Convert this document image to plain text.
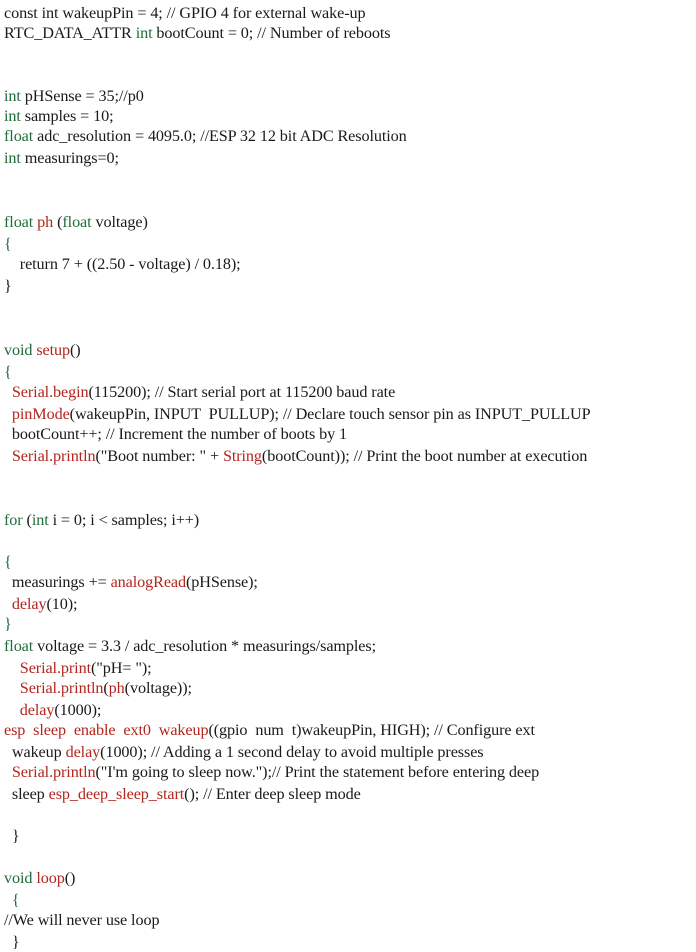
const int wakeupPin = 4; // GPIO 4 for external wake-up
RTC_DATA_ATTR int bootCount = 0; // Number of reboots
int pHSense = 35;//p0
int samples = 10;
float adc_resolution = 4095.0; //ESP 32 12 bit ADC Resolution
int measurings=0;
float ph (float voltage)
{
return 7 + ((2.50 - voltage) / 0.18);
}
void setup()
{
Serial.begin(115200); // Start serial port at 115200 baud rate
pinMode(wakeupPin, INPUT  PULLUP); // Declare touch sensor pin as INPUT_PULLUP
bootCount++; // Increment the number of boots by 1
Serial.println("Boot number: " + String(bootCount)); // Print the boot number at execution
for (int i = 0; i < samples; i++)
{
measurings += analogRead(pHSense);
delay(10);
}
float voltage = 3.3 / adc_resolution * measurings/samples;
Serial.print("pH= ");
Serial.println(ph(voltage));
delay(1000);
esp  sleep  enable  ext0  wakeup((gpio  num  t)wakeupPin, HIGH); // Configure ext
wakeup delay(1000); // Adding a 1 second delay to avoid multiple presses
Serial.println("I'm going to sleep now.");// Print the statement before entering deep
sleep esp_deep_sleep_start(); // Enter deep sleep mode
}
void loop()
{
//We will never use loop
}
